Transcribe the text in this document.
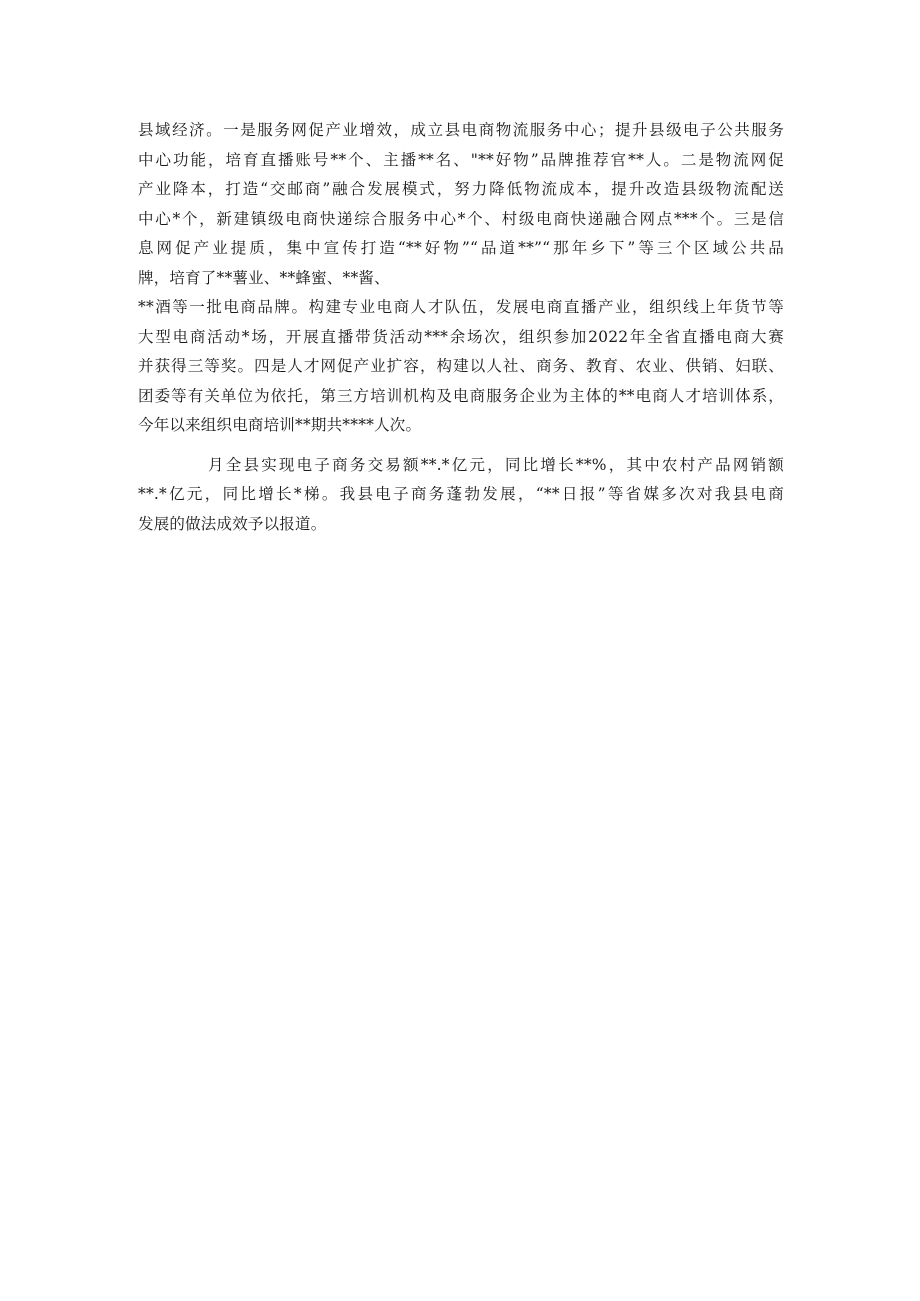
县域经济。一是服务网促产业增效，成立县电商物流服务中心；提升县级电子公共服务
中心功能，培育直播账号**个、主播**名、"**好物”品牌推荐官**人。二是物流网促
产业降本，打造“交邮商”融合发展模式，努力降低物流成本，提升改造县级物流配送
中心*个，新建镇级电商快递综合服务中心*个、村级电商快递融合网点***个。三是信
息网促产业提质，集中宣传打造“**好物”“品道**”“那年乡下”等三个区域公共品
牌，培育了**薯业、**蜂蜜、**酱、
**酒等一批电商品牌。构建专业电商人才队伍，发展电商直播产业，组织线上年货节等
大型电商活动*场，开展直播带货活动***余场次，组织参加2022年全省直播电商大赛
并获得三等奖。四是人才网促产业扩容，构建以人社、商务、教育、农业、供销、妇联、
团委等有关单位为依托，第三方培训机构及电商服务企业为主体的**电商人才培训体系，
今年以来组织电商培训**期共****人次。
月全县实现电子商务交易额**.*亿元，同比增长**%，其中农村产品网销额
**.*亿元，同比增长*梯。我县电子商务蓬勃发展，“**日报”等省媒多次对我县电商
发展的做法成效予以报道。
